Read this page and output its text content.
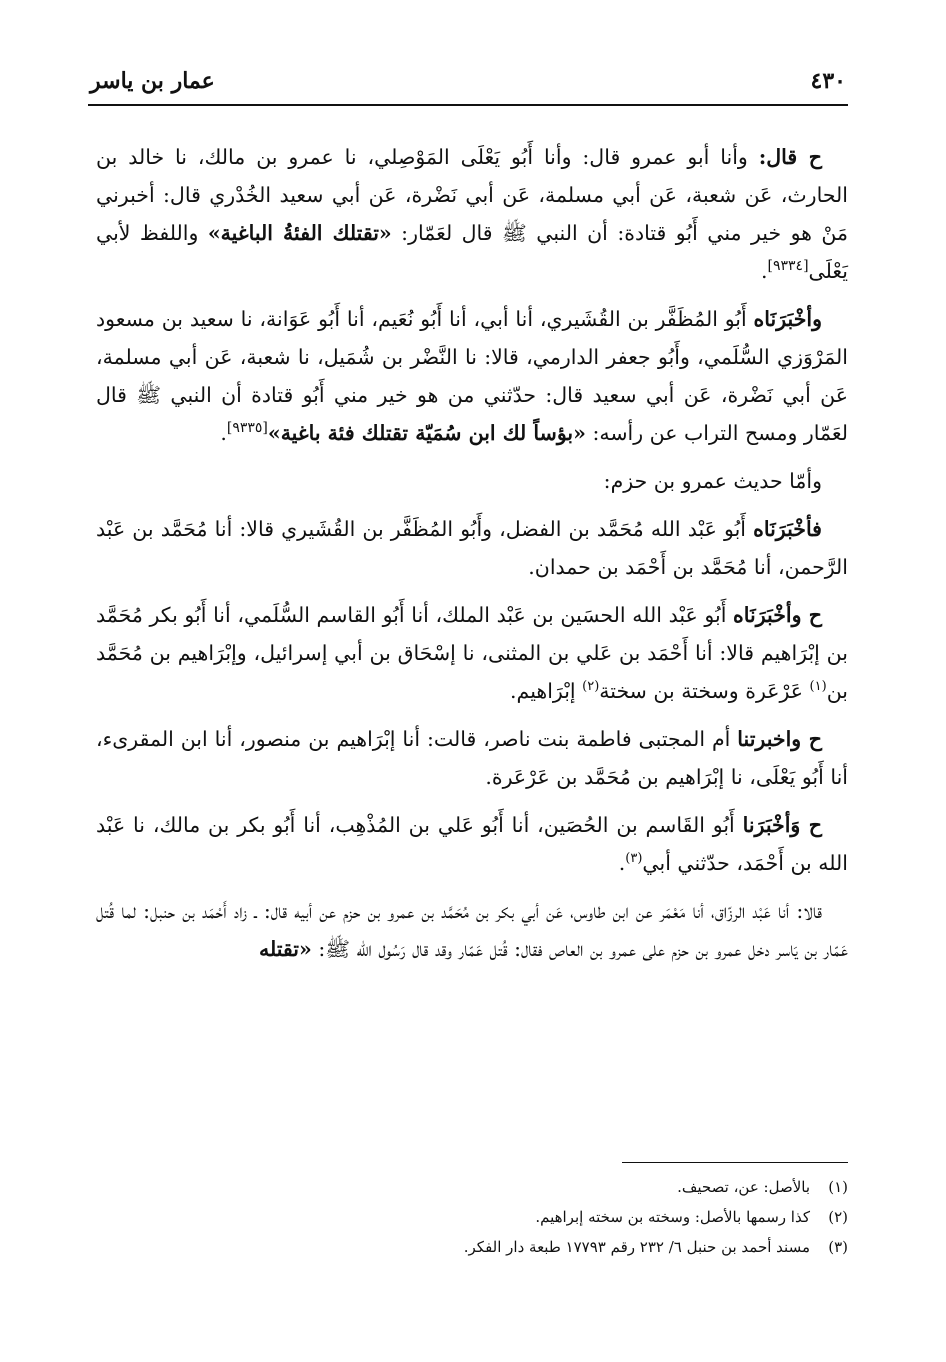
٤٣٠
عمار بن ياسر

ح قال: وأنا أبو عمرو قال: وأنا أَبُو يَعْلَى المَوْصِلي، نا عمرو بن مالك، نا خالد بن الحارث، عَن شعبة، عَن أبي مسلمة، عَن أبي نَضْرة، عَن أبي سعيد الخُدْري قال: أخبرني مَنْ هو خير مني أَبُو قتادة: أن النبي ﷺ قال لعَمّار: «تقتلك الفئةُ الباغية» واللفظ لأبي يَعْلَى[٩٣٣٤].

وأخْبَرَنَاه أَبُو المُظَفَّر بن القُشَيري، أنا أبي، أنا أَبُو نُعَيم، أنا أَبُو عَوَانة، نا سعيد بن مسعود المَرْوَزي السُّلَمي، وأَبُو جعفر الدارمي، قالا: نا النَّضْر بن شُمَيل، نا شعبة، عَن أبي مسلمة، عَن أبي نَضْرة، عَن أبي سعيد قال: حدّثني من هو خير مني أَبُو قتادة أن النبي ﷺ قال لعَمّار ومسح التراب عن رأسه: «بؤساً لك ابن سُمَيّة تقتلك فئة باغية»[٩٣٣٥].

وأمّا حديث عمرو بن حزم:

فأخْبَرَنَاه أَبُو عَبْد الله مُحَمَّد بن الفضل، وأَبُو المُظَفَّر بن القُشَيري قالا: أنا مُحَمَّد بن عَبْد الرَّحمن، أنا مُحَمَّد بن أَحْمَد بن حمدان.

ح وأخْبَرَنَاه أَبُو عَبْد الله الحسَين بن عَبْد الملك، أنا أَبُو القاسم السُّلَمي، أنا أَبُو بكر مُحَمَّد بن إبْرَاهيم قالا: أنا أَحْمَد بن عَلي بن المثنى، نا إسْحَاق بن أبي إسرائيل، وإبْرَاهيم بن مُحَمَّد بن$^{(١)}$ عَرْعَرة وسختة بن سختة$^{(٢)}$ إبْرَاهيم.

ح واخبرتنا أم المجتبى فاطمة بنت ناصر، قالت: أنا إبْرَاهيم بن منصور، أنا ابن المقرىء، أنا أَبُو يَعْلَى، نا إبْرَاهيم بن مُحَمَّد بن عَرْعَرة.

ح وَأخْبَرَنا أَبُو القَاسم بن الحُصَين، أنا أَبُو عَلي بن المُذْهِب، أنا أَبُو بكر بن مالك، نا عَبْد الله بن أَحْمَد، حدّثني أبي$^{(٣)}$.

قالا: أنا عَبْد الرزّاق، أنا مَعْمَر عن ابن طاوس، عَن أبي بكر بن مُحَمَّد بن عمرو بن حزم عن أبيه قال: ـ زاد أَحْمَد بن حنبل: لما قُتل عَمّار بن يَاسر دخل عمرو بن حزم على عمرو بن العاص فقال: قُتل عَمّار وقد قال رَسُول الله ﷺ: «تقتله

(١)بالأصل: عن، تصحيف.

(٢)كذا رسمها بالأصل: وسخته بن سخته إبراهيم.

(٣)مسند أحمد بن حنبل ٦/ ٢٣٢ رقم ١٧٧٩٣ طبعة دار الفكر.
